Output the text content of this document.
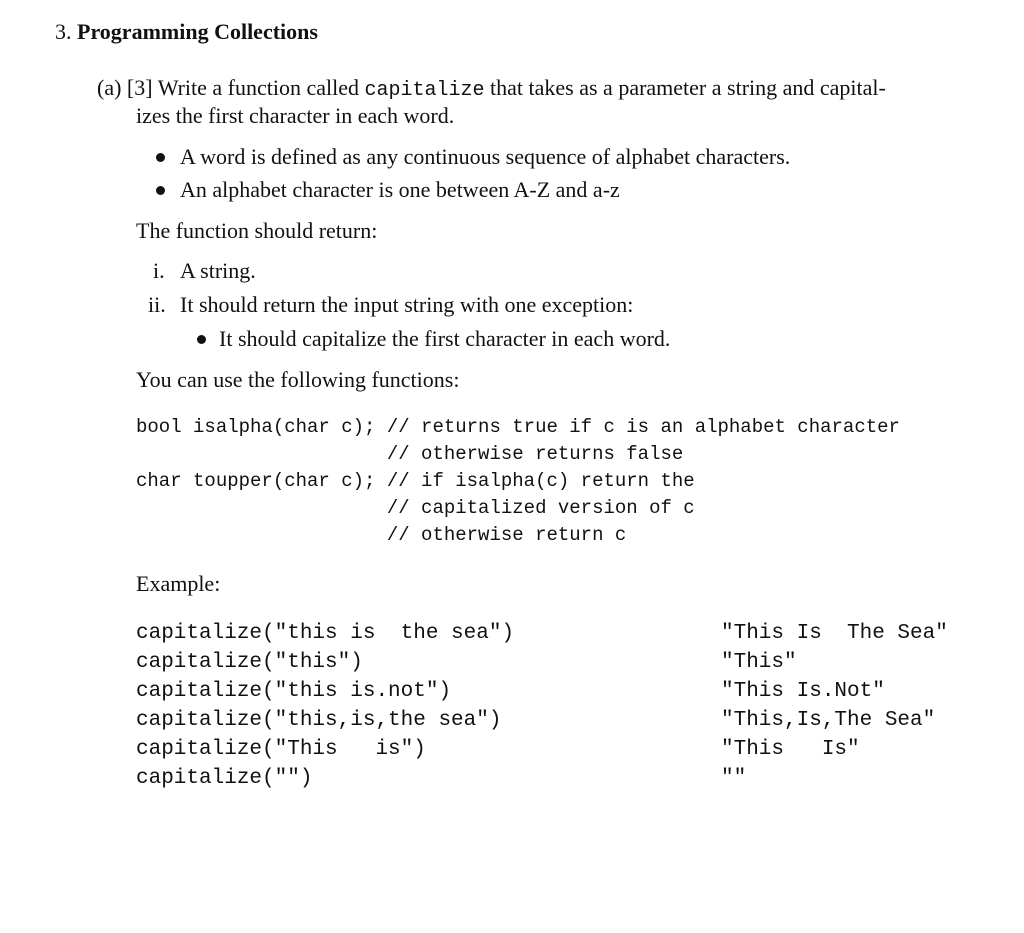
3. Programming Collections
(a) [3] Write a function called capitalize that takes as a parameter a string and capital-
izes the first character in each word.
A word is defined as any continuous sequence of alphabet characters.
An alphabet character is one between A-Z and a-z
The function should return:
i. A string.
ii. It should return the input string with one exception:
It should capitalize the first character in each word.
You can use the following functions:
bool isalpha(char c); // returns true if c is an alphabet character
// otherwise returns false
char toupper(char c); // if isalpha(c) return the
// capitalized version of c
// otherwise return c
Example:
capitalize("this is  the sea")	"This Is  The Sea"
capitalize("this")	"This"
capitalize("this is.not")	"This Is.Not"
capitalize("this,is,the sea")	"This,Is,The Sea"
capitalize("This   is")	"This   Is"
capitalize("")	""
